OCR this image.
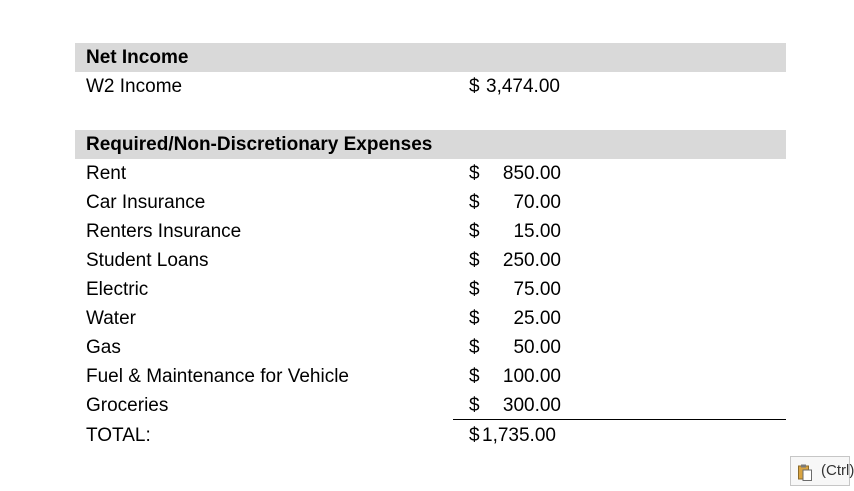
Net Income
W2 Income	$ 3,474.00
Required/Non-Discretionary Expenses
Rent	$ 850.00
Car Insurance	$ 70.00
Renters Insurance	$ 15.00
Student Loans	$ 250.00
Electric	$ 75.00
Water	$ 25.00
Gas	$ 50.00
Fuel & Maintenance for Vehicle	$ 100.00
Groceries	$ 300.00
TOTAL:	$ 1,735.00
(Ctrl)
